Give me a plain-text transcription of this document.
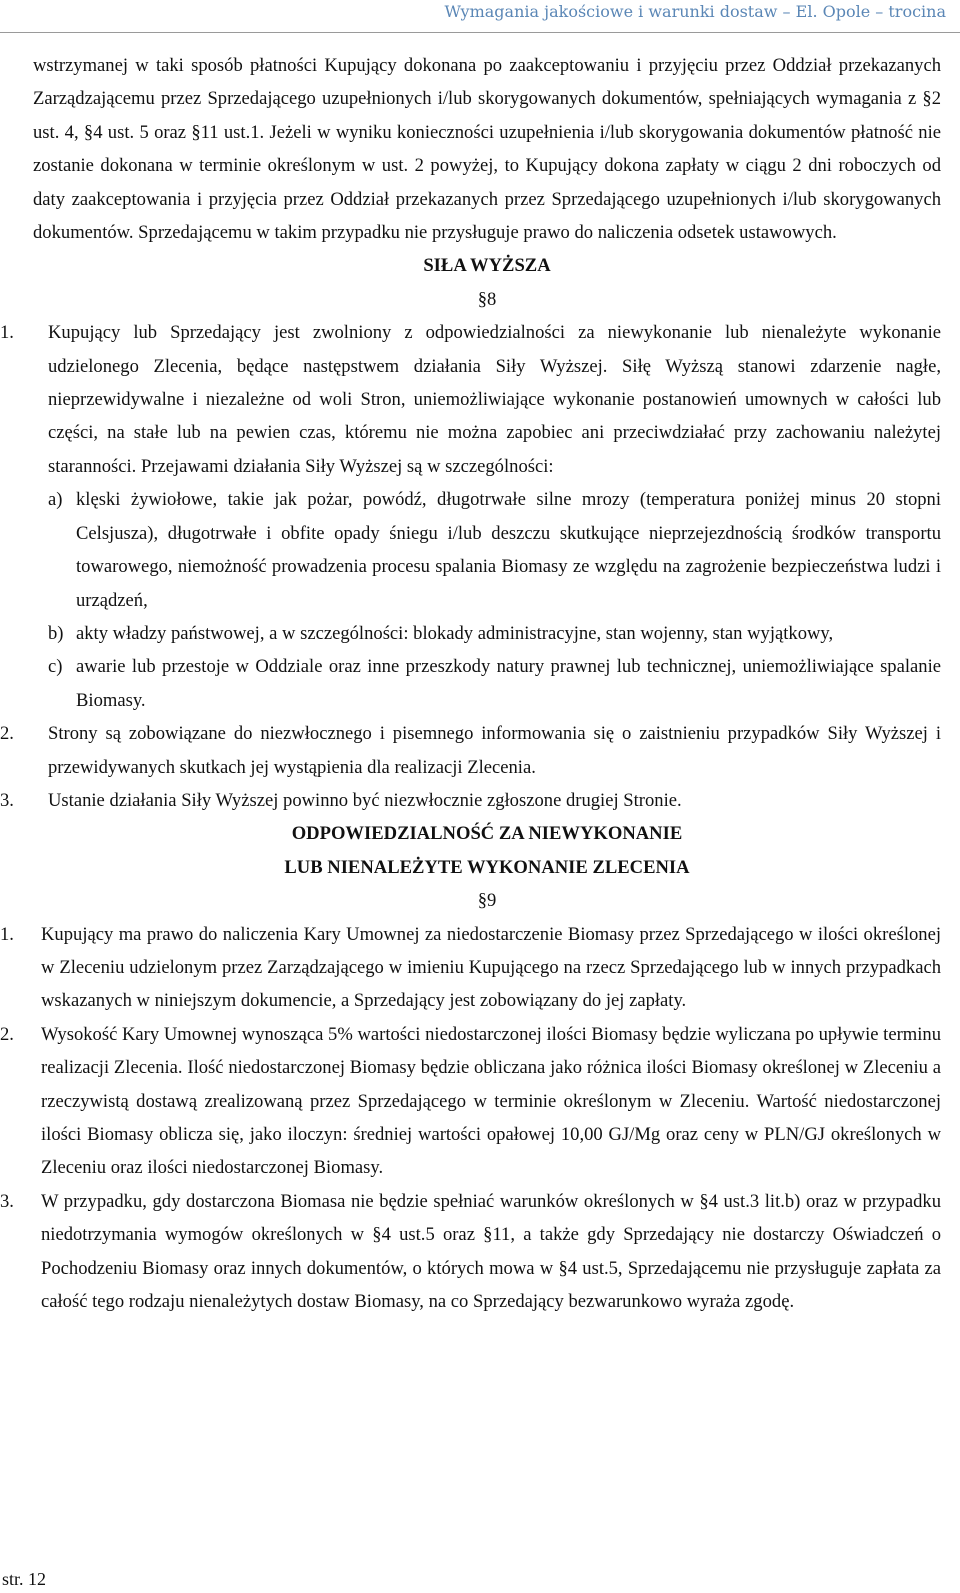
Wymagania jakościowe i warunki dostaw – El. Opole – trocina
wstrzymanej w taki sposób płatności Kupujący dokonana po zaakceptowaniu i przyjęciu przez Oddział przekazanych Zarządzającemu przez Sprzedającego uzupełnionych i/lub skorygowanych dokumentów, spełniających wymagania z §2 ust. 4, §4 ust. 5 oraz §11 ust.1. Jeżeli w wyniku konieczności uzupełnienia i/lub skorygowania dokumentów płatność nie zostanie dokonana w terminie określonym w ust. 2 powyżej, to Kupujący dokona zapłaty w ciągu 2 dni roboczych od daty zaakceptowania i przyjęcia przez Oddział przekazanych przez Sprzedającego uzupełnionych i/lub skorygowanych dokumentów. Sprzedającemu w takim przypadku nie przysługuje prawo do naliczenia odsetek ustawowych.
SIŁA WYŻSZA
§8
1.	Kupujący lub Sprzedający jest zwolniony z odpowiedzialności za niewykonanie lub nienależyte wykonanie udzielonego Zlecenia, będące następstwem działania Siły Wyższej. Siłę Wyższą stanowi zdarzenie nagłe, nieprzewidywalne i niezależne od woli Stron, uniemożliwiające wykonanie postanowień umownych w całości lub części, na stałe lub na pewien czas, któremu nie można zapobiec ani przeciwdziałać przy zachowaniu należytej staranności. Przejawami działania Siły Wyższej są w szczególności:
a) klęski żywiołowe, takie jak pożar, powódź, długotrwałe silne mrozy (temperatura poniżej minus 20 stopni Celsjusza), długotrwałe i obfite opady śniegu i/lub deszczu skutkujące nieprzejezdnością środków transportu towarowego, niemożność prowadzenia procesu spalania Biomasy ze względu na zagrożenie bezpieczeństwa ludzi i urządzeń,
b) akty władzy państwowej, a w szczególności: blokady administracyjne, stan wojenny, stan wyjątkowy,
c) awarie lub przestoje w Oddziale oraz inne przeszkody natury prawnej lub technicznej, uniemożliwiające spalanie Biomasy.
2.	Strony są zobowiązane do niezwłocznego i pisemnego informowania się o zaistnieniu przypadków Siły Wyższej i przewidywanych skutkach jej wystąpienia dla realizacji Zlecenia.
3.	Ustanie działania Siły Wyższej powinno być niezwłocznie zgłoszone drugiej Stronie.
ODPOWIEDZIALNOŚĆ ZA NIEWYKONANIE
LUB NIENALEŻYTE WYKONANIE ZLECENIA
§9
1.	Kupujący ma prawo do naliczenia Kary Umownej za niedostarczenie Biomasy przez Sprzedającego w ilości określonej w Zleceniu udzielonym przez Zarządzającego w imieniu Kupującego na rzecz Sprzedającego lub w innych przypadkach wskazanych w niniejszym dokumencie, a Sprzedający jest zobowiązany do jej zapłaty.
2.	Wysokość Kary Umownej wynosząca 5% wartości niedostarczonej ilości Biomasy będzie wyliczana po upływie terminu realizacji Zlecenia. Ilość niedostarczonej Biomasy będzie obliczana jako różnica ilości Biomasy określonej w Zleceniu a rzeczywistą dostawą zrealizowaną przez Sprzedającego w terminie określonym w Zleceniu. Wartość niedostarczonej ilości Biomasy oblicza się, jako iloczyn: średniej wartości opałowej 10,00 GJ/Mg oraz ceny w PLN/GJ określonych w Zleceniu oraz ilości niedostarczonej Biomasy.
3.	W przypadku, gdy dostarczona Biomasa nie będzie spełniać warunków określonych w §4 ust.3 lit.b) oraz w przypadku niedotrzymania wymogów określonych w §4 ust.5 oraz §11, a także gdy Sprzedający nie dostarczy Oświadczeń o Pochodzeniu Biomasy oraz innych dokumentów, o których mowa w §4 ust.5, Sprzedającemu nie przysługuje zapłata za całość tego rodzaju nienależytych dostaw Biomasy, na co Sprzedający bezwarunkowo wyraża zgodę.
str. 12
